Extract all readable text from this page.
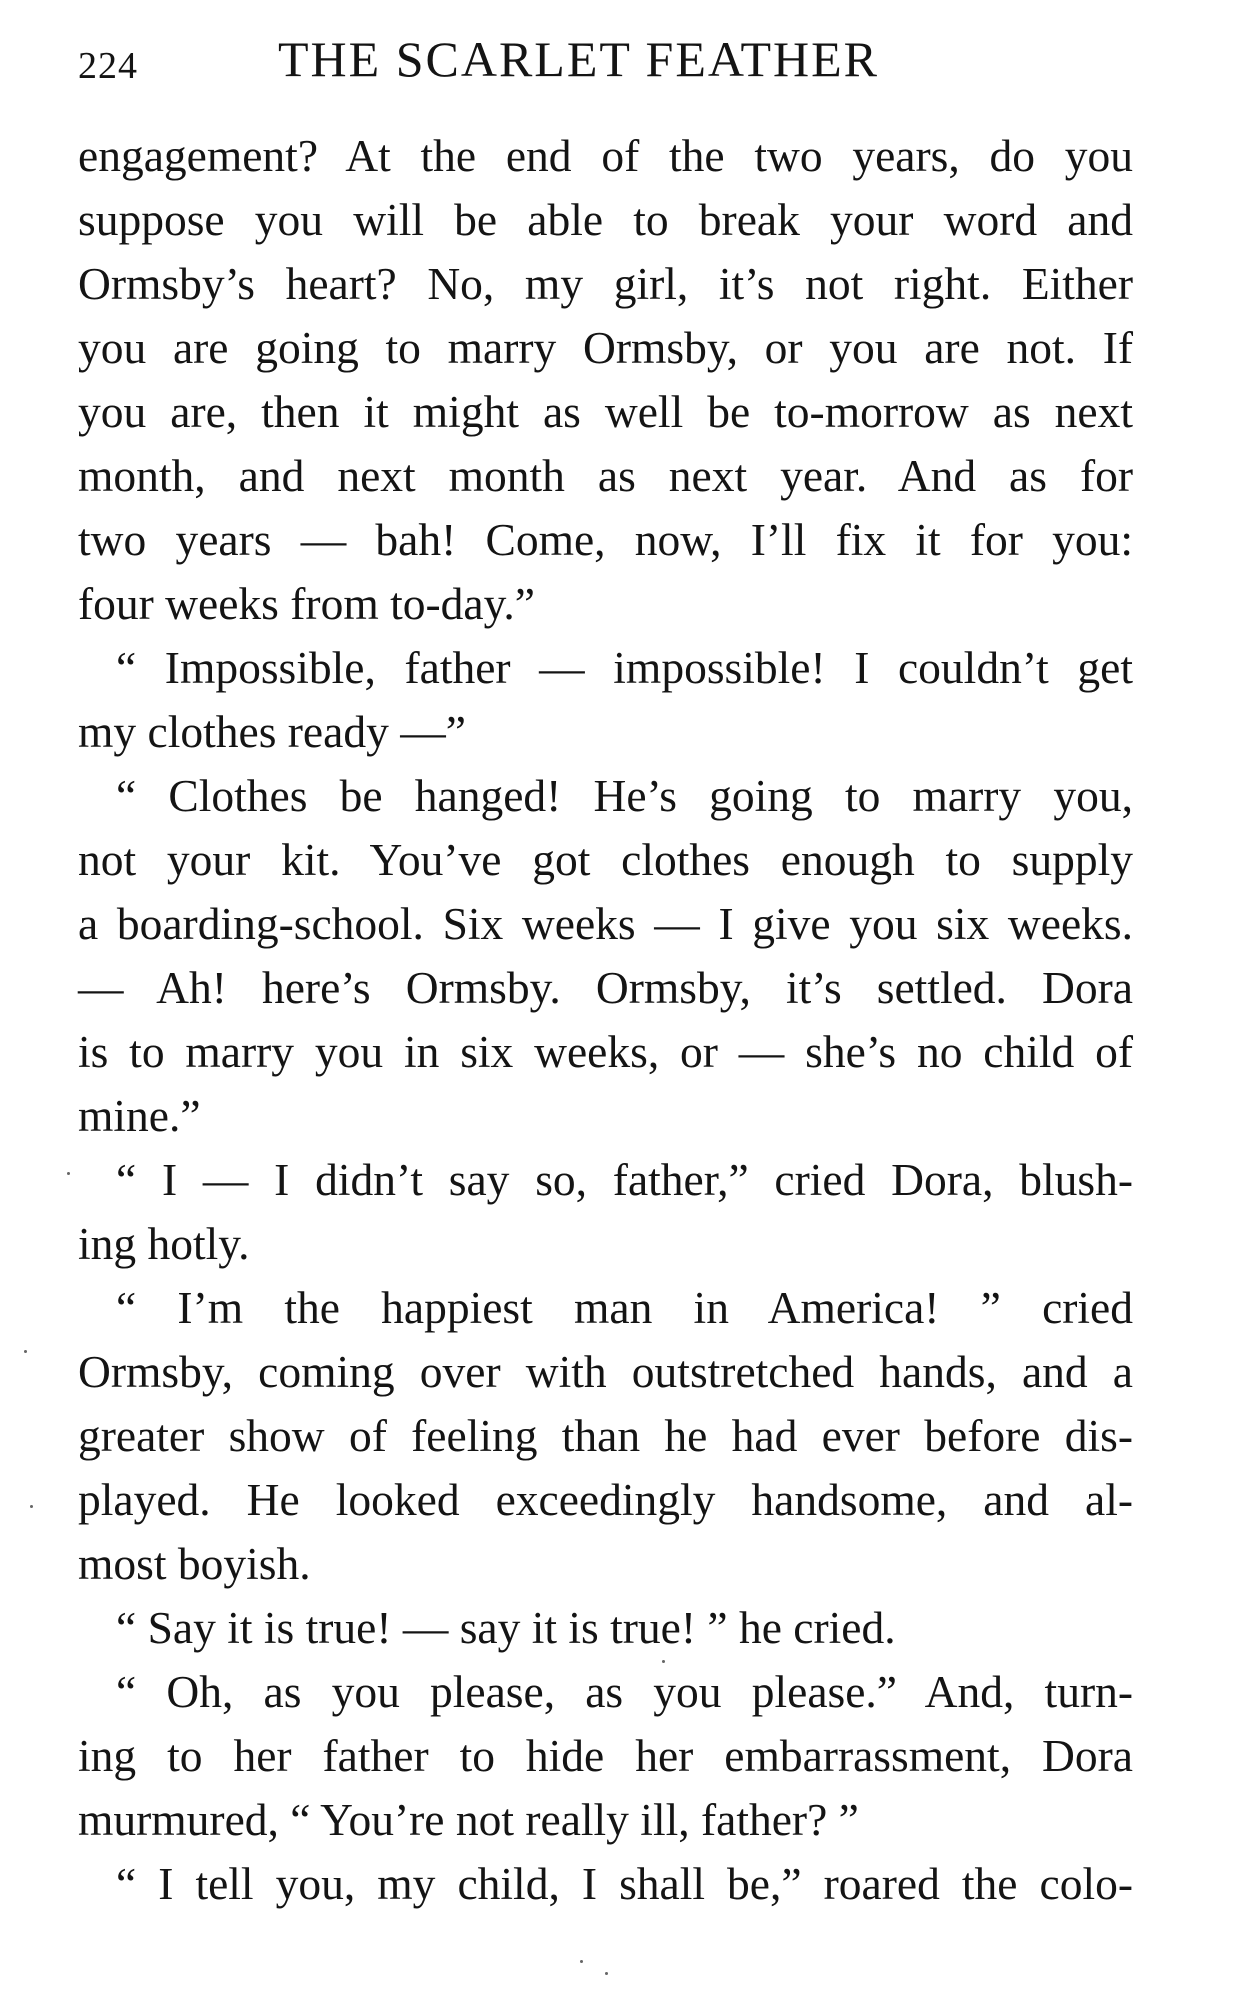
224	THE SCARLET FEATHER
engagement? At the end of the two years, do you
suppose you will be able to break your word and
Ormsby’s heart? No, my girl, it’s not right. Either
you are going to marry Ormsby, or you are not. If
you are, then it might as well be to-morrow as next
month, and next month as next year. And as for
two years — bah! Come, now, I’ll fix it for you:
four weeks from to-day.”
“ Impossible, father — impossible! I couldn’t get
my clothes ready —”
“ Clothes be hanged! He’s going to marry you,
not your kit. You’ve got clothes enough to supply
a boarding-school. Six weeks — I give you six weeks.
— Ah! here’s Ormsby. Ormsby, it’s settled. Dora
is to marry you in six weeks, or — she’s no child of
mine.”
“ I — I didn’t say so, father,” cried Dora, blush-
ing hotly.
“ I’m the happiest man in America! ” cried
Ormsby, coming over with outstretched hands, and a
greater show of feeling than he had ever before dis-
played. He looked exceedingly handsome, and al-
most boyish.
“ Say it is true! — say it is true! ” he cried.
“ Oh, as you please, as you please.” And, turn-
ing to her father to hide her embarrassment, Dora
murmured, “ You’re not really ill, father? ”
“ I tell you, my child, I shall be,” roared the colo-
